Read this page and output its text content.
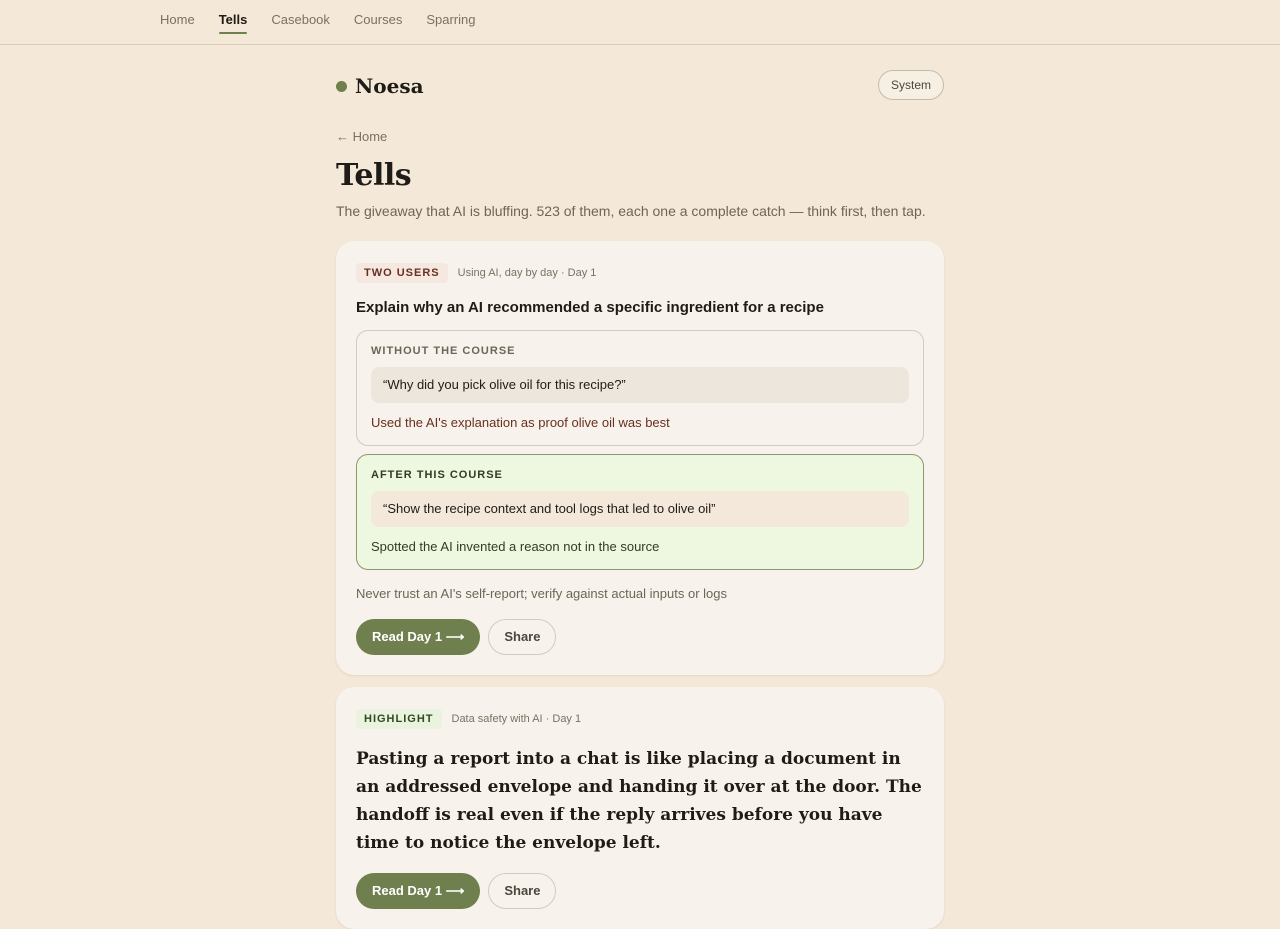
Home Tells Casebook Courses Sparring
Noesa	System
← Home
Tells

The giveaway that AI is bluffing. 523 of them, each one a complete catch — think first, then tap.

TWO USERS	Using AI, day by day · Day 1
Explain why an AI recommended a specific ingredient for a recipe
WITHOUT THE COURSE
“Why did you pick olive oil for this recipe?”
Used the AI's explanation as proof olive oil was best
AFTER THIS COURSE
“Show the recipe context and tool logs that led to olive oil”
Spotted the AI invented a reason not in the source
Never trust an AI's self-report; verify against actual inputs or logs
Read Day 1 ⟶	Share
HIGHLIGHT	Data safety with AI · Day 1
Pasting a report into a chat is like placing a document in an addressed envelope and handing it over at the door. The handoff is real even if the reply arrives before you have time to notice the envelope left.
Read Day 1 ⟶	Share
